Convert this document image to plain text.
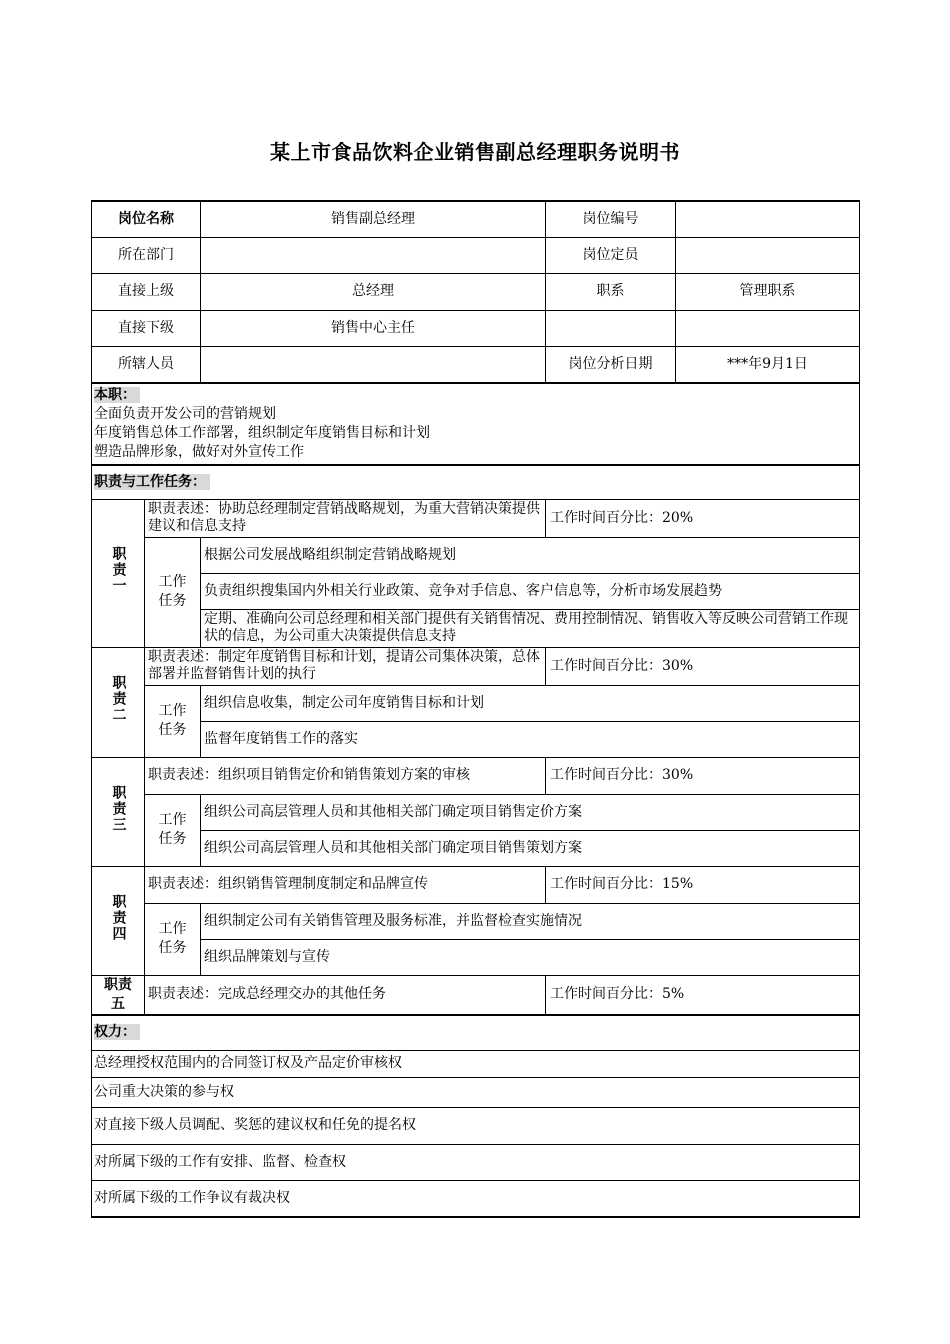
某上市食品饮料企业销售副总经理职务说明书
岗位名称		销售副总经理	岗位编号	
所在部门			岗位定员	
直接上级		总经理	职系	管理职系
直接下级		销售中心主任		
所辖人员			岗位分析日期	***年9月1日

本职：
全面负责开发公司的营销规划
年度销售总体工作部署，组织制定年度销售目标和计划
塑造品牌形象，做好对外宣传工作				

职责与工作任务：				
职责一	职责表述：协助总经理制定营销战略规划，为重大营销决策提供建议和信息支持		工作时间百分比：20%	
	工作任务	根据公司发展战略组织制定营销战略规划		
		负责组织搜集国内外相关行业政策、竞争对手信息、客户信息等，分析市场发展趋势		
		定期、准确向公司总经理和相关部门提供有关销售情况、费用控制情况、销售收入等反映公司营销工作现状的信息，为公司重大决策提供信息支持		
职责二	职责表述：制定年度销售目标和计划，提请公司集体决策，总体部署并监督销售计划的执行		工作时间百分比：30%	
	工作任务	组织信息收集，制定公司年度销售目标和计划		
		监督年度销售工作的落实		
职责三	职责表述：组织项目销售定价和销售策划方案的审核		工作时间百分比：30%	
	工作任务	组织公司高层管理人员和其他相关部门确定项目销售定价方案		
		组织公司高层管理人员和其他相关部门确定项目销售策划方案		
职责四	职责表述：组织销售管理制度制定和品牌宣传		工作时间百分比：15%	
	工作任务	组织制定公司有关销售管理及服务标准，并监督检查实施情况		
		组织品牌策划与宣传		
职责五	职责表述：完成总经理交办的其他任务		工作时间百分比：5%	
权力：				
总经理授权范围内的合同签订权及产品定价审核权				
公司重大决策的参与权				
对直接下级人员调配、奖惩的建议权和任免的提名权				
对所属下级的工作有安排、监督、检查权				
对所属下级的工作争议有裁决权				
